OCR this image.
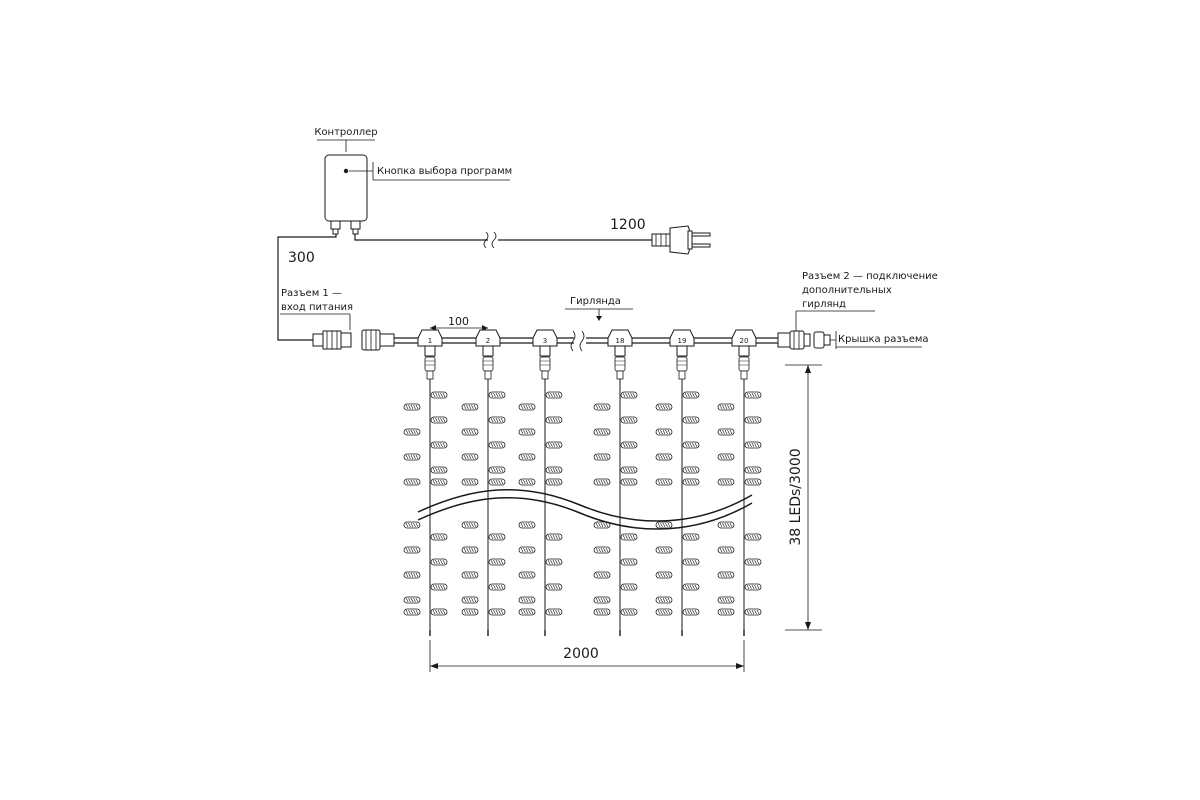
Контроллер
Кнопка выбора программ
1200
300
Разъем 1 —
вход питания
Гирлянда
100
1	2	3	18	19	20
Разъем 2 — подключение
дополнительных
гирлянд
Крышка разъема
2000
38 LEDs/3000
